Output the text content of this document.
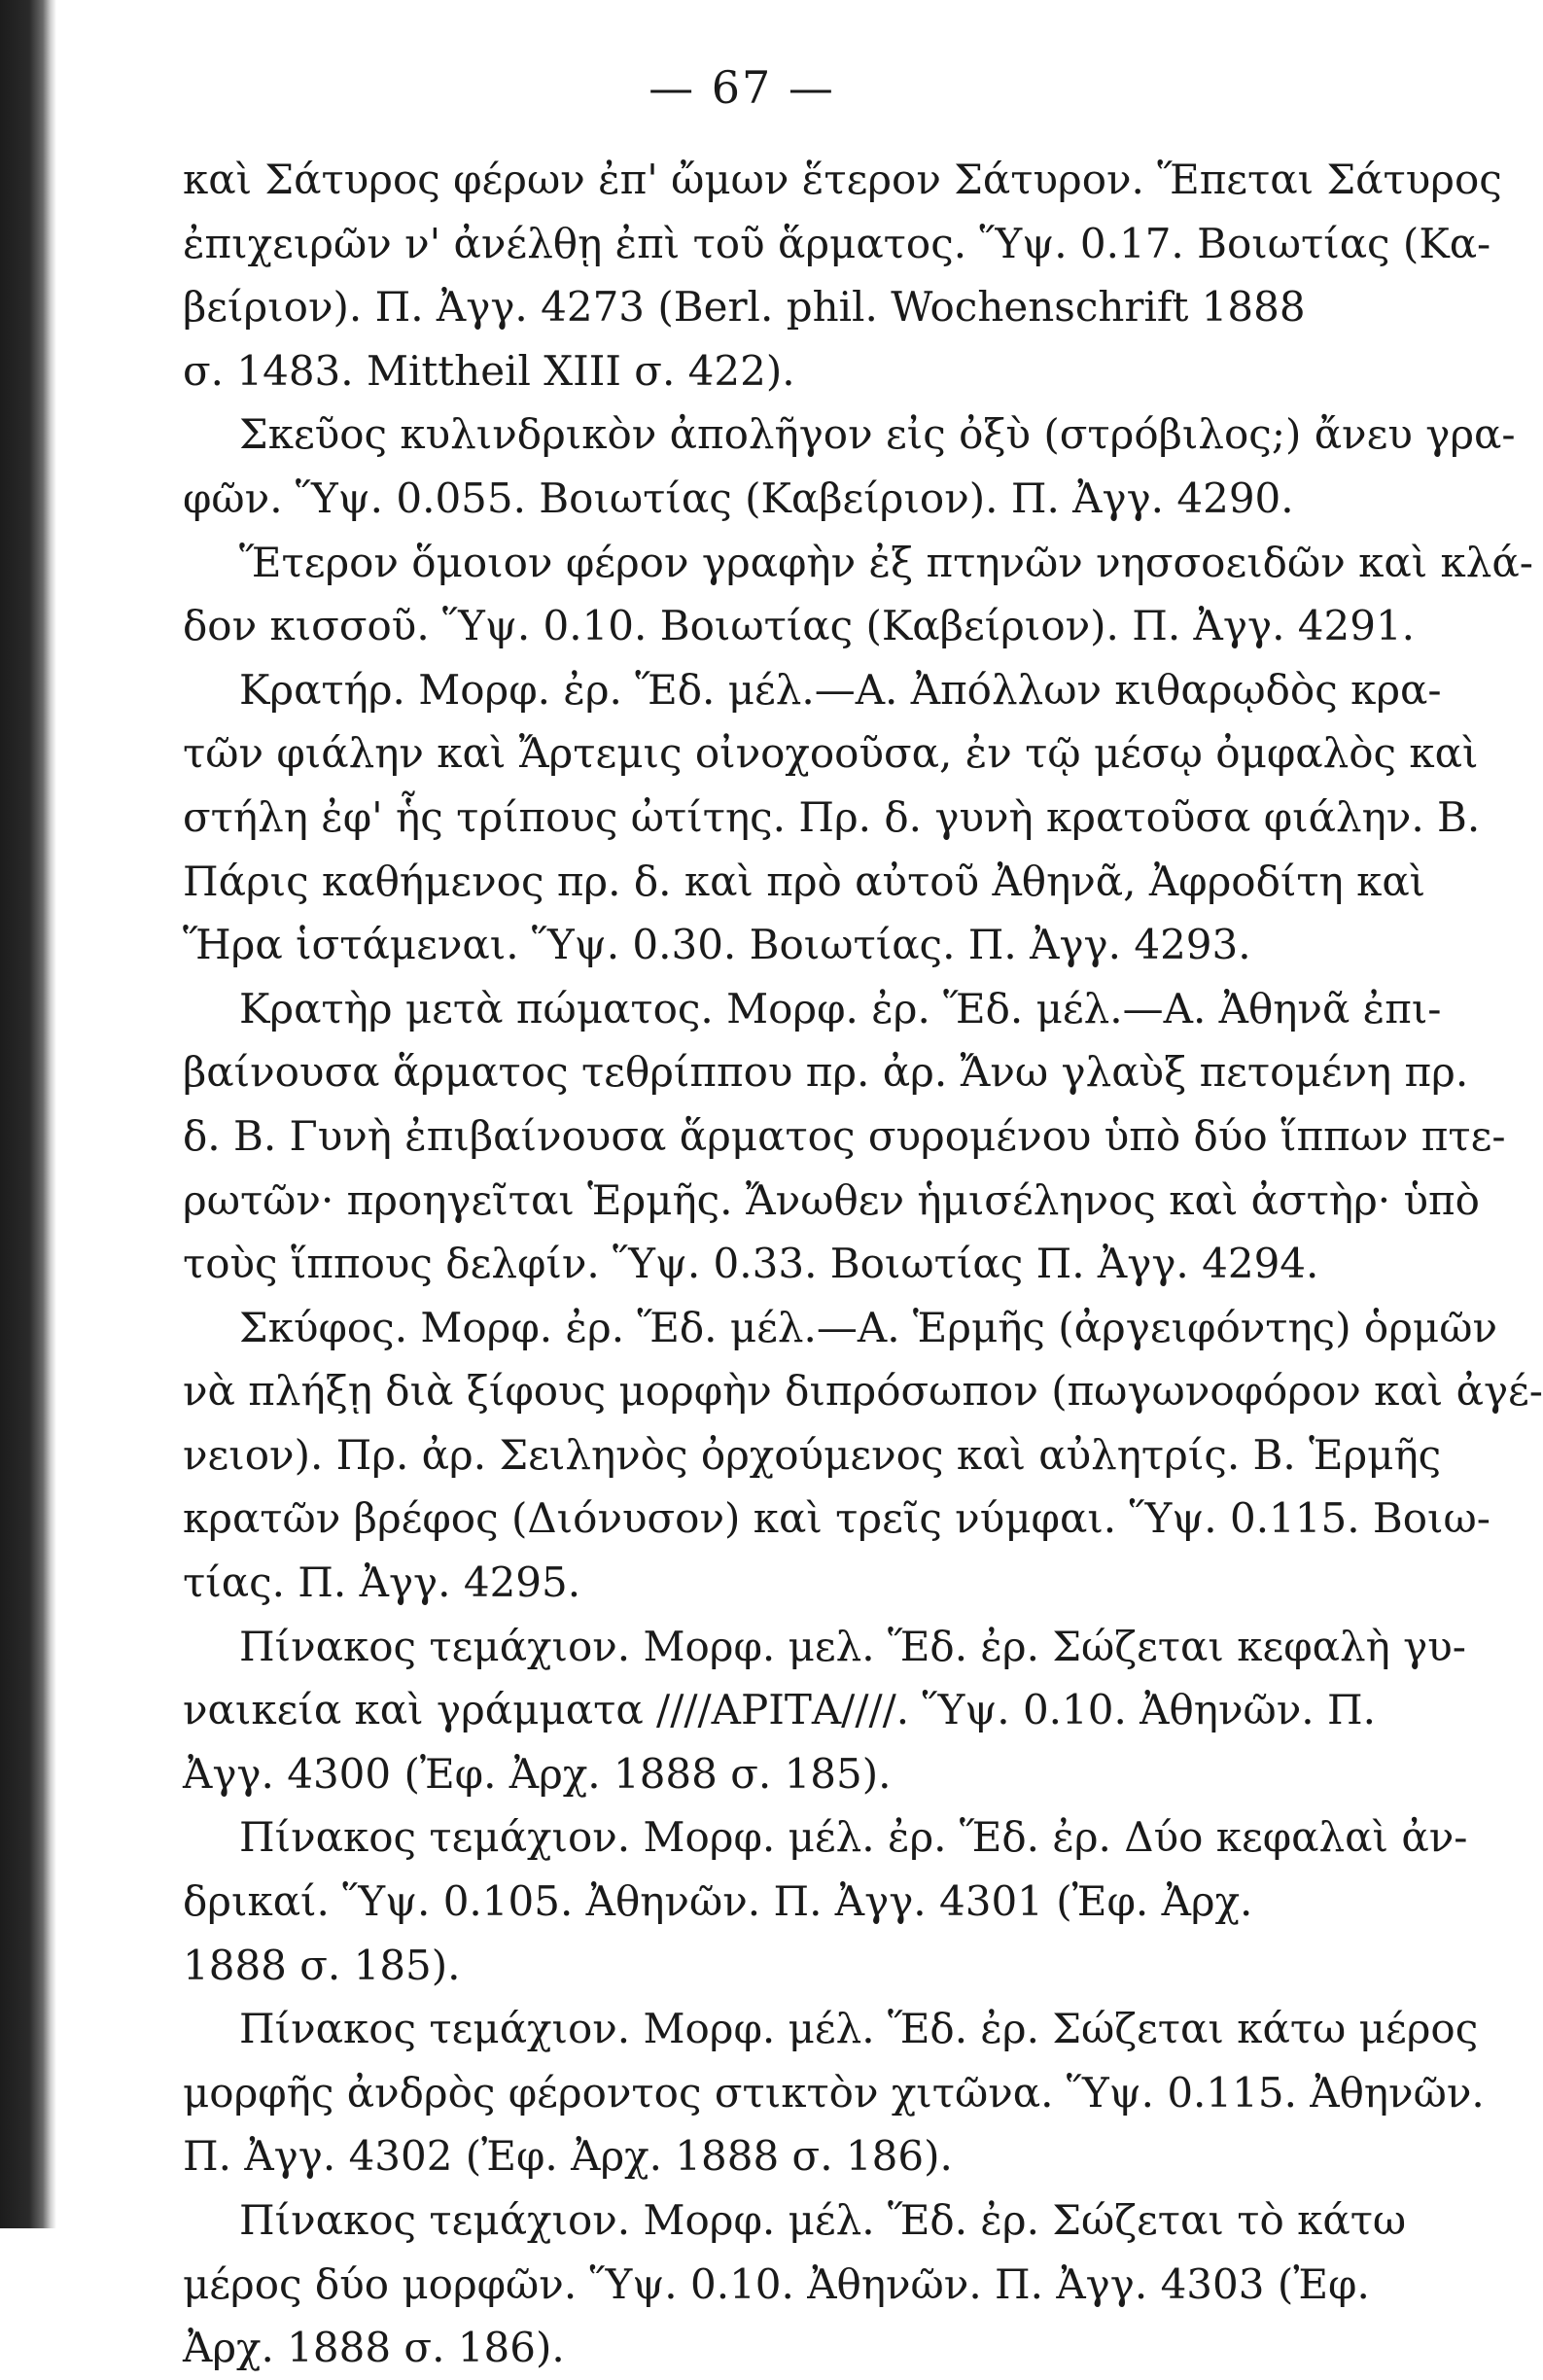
— 67 —
καὶ Σάτυρος φέρων ἐπ' ὤμων ἕτερον Σάτυρον. Ἕπεται Σάτυρος
ἐπιχειρῶν ν' ἀνέλθῃ ἐπὶ τοῦ ἅρματος. Ὕψ. 0.17. Βοιωτίας (Κα-
βείριον). Π. Ἀγγ. 4273 (Berl. phil. Wochenschrift 1888
σ. 1483. Mittheil XIII σ. 422).
Σκεῦος κυλινδρικὸν ἀπολῆγον εἰς ὀξὺ (στρόβιλος;) ἄνευ γρα-
φῶν. Ὕψ. 0.055. Βοιωτίας (Καβείριον). Π. Ἀγγ. 4290.
Ἕτερον ὅμοιον φέρον γραφὴν ἐξ πτηνῶν νησσοειδῶν καὶ κλά-
δον κισσοῦ. Ὕψ. 0.10. Βοιωτίας (Καβείριον). Π. Ἀγγ. 4291.
Κρατήρ. Μορφ. ἐρ. Ἕδ. μέλ.—Α. Ἀπόλλων κιθαρῳδὸς κρα-
τῶν φιάλην καὶ Ἄρτεμις οἰνοχοοῦσα, ἐν τῷ μέσῳ ὀμφαλὸς καὶ
στήλη ἐφ' ἧς τρίπους ὠτίτης. Πρ. δ. γυνὴ κρατοῦσα φιάλην. Β.
Πάρις καθήμενος πρ. δ. καὶ πρὸ αὐτοῦ Ἀθηνᾶ, Ἀφροδίτη καὶ
Ἥρα ἱστάμεναι. Ὕψ. 0.30. Βοιωτίας. Π. Ἀγγ. 4293.
Κρατὴρ μετὰ πώματος. Μορφ. ἐρ. Ἕδ. μέλ.—Α. Ἀθηνᾶ ἐπι-
βαίνουσα ἅρματος τεθρίππου πρ. ἀρ. Ἄνω γλαὺξ πετομένη πρ.
δ. Β. Γυνὴ ἐπιβαίνουσα ἅρματος συρομένου ὑπὸ δύο ἵππων πτε-
ρωτῶν· προηγεῖται Ἑρμῆς. Ἄνωθεν ἡμισέληνος καὶ ἀστὴρ· ὑπὸ
τοὺς ἵππους δελφίν. Ὕψ. 0.33. Βοιωτίας Π. Ἀγγ. 4294.
Σκύφος. Μορφ. ἐρ. Ἕδ. μέλ.—Α. Ἑρμῆς (ἀργειφόντης) ὁρμῶν
νὰ πλήξῃ διὰ ξίφους μορφὴν διπρόσωπον (πωγωνοφόρον καὶ ἀγέ-
νειον). Πρ. ἀρ. Σειληνὸς ὀρχούμενος καὶ αὐλητρίς. Β. Ἑρμῆς
κρατῶν βρέφος (Διόνυσον) καὶ τρεῖς νύμφαι. Ὕψ. 0.115. Βοιω-
τίας. Π. Ἀγγ. 4295.
Πίνακος τεμάχιον. Μορφ. μελ. Ἕδ. ἐρ. Σώζεται κεφαλὴ γυ-
ναικεία καὶ γράμματα ////ΑΡΙΤΑ////. Ὕψ. 0.10. Ἀθηνῶν. Π.
Ἀγγ. 4300 (Ἐφ. Ἀρχ. 1888 σ. 185).
Πίνακος τεμάχιον. Μορφ. μέλ. ἐρ. Ἕδ. ἐρ. Δύο κεφαλαὶ ἀν-
δρικαί. Ὕψ. 0.105. Ἀθηνῶν. Π. Ἀγγ. 4301 (Ἐφ. Ἀρχ.
1888 σ. 185).
Πίνακος τεμάχιον. Μορφ. μέλ. Ἕδ. ἐρ. Σώζεται κάτω μέρος
μορφῆς ἀνδρὸς φέροντος στικτὸν χιτῶνα. Ὕψ. 0.115. Ἀθηνῶν.
Π. Ἀγγ. 4302 (Ἐφ. Ἀρχ. 1888 σ. 186).
Πίνακος τεμάχιον. Μορφ. μέλ. Ἕδ. ἐρ. Σώζεται τὸ κάτω
μέρος δύο μορφῶν. Ὕψ. 0.10. Ἀθηνῶν. Π. Ἀγγ. 4303 (Ἐφ.
Ἀρχ. 1888 σ. 186).
